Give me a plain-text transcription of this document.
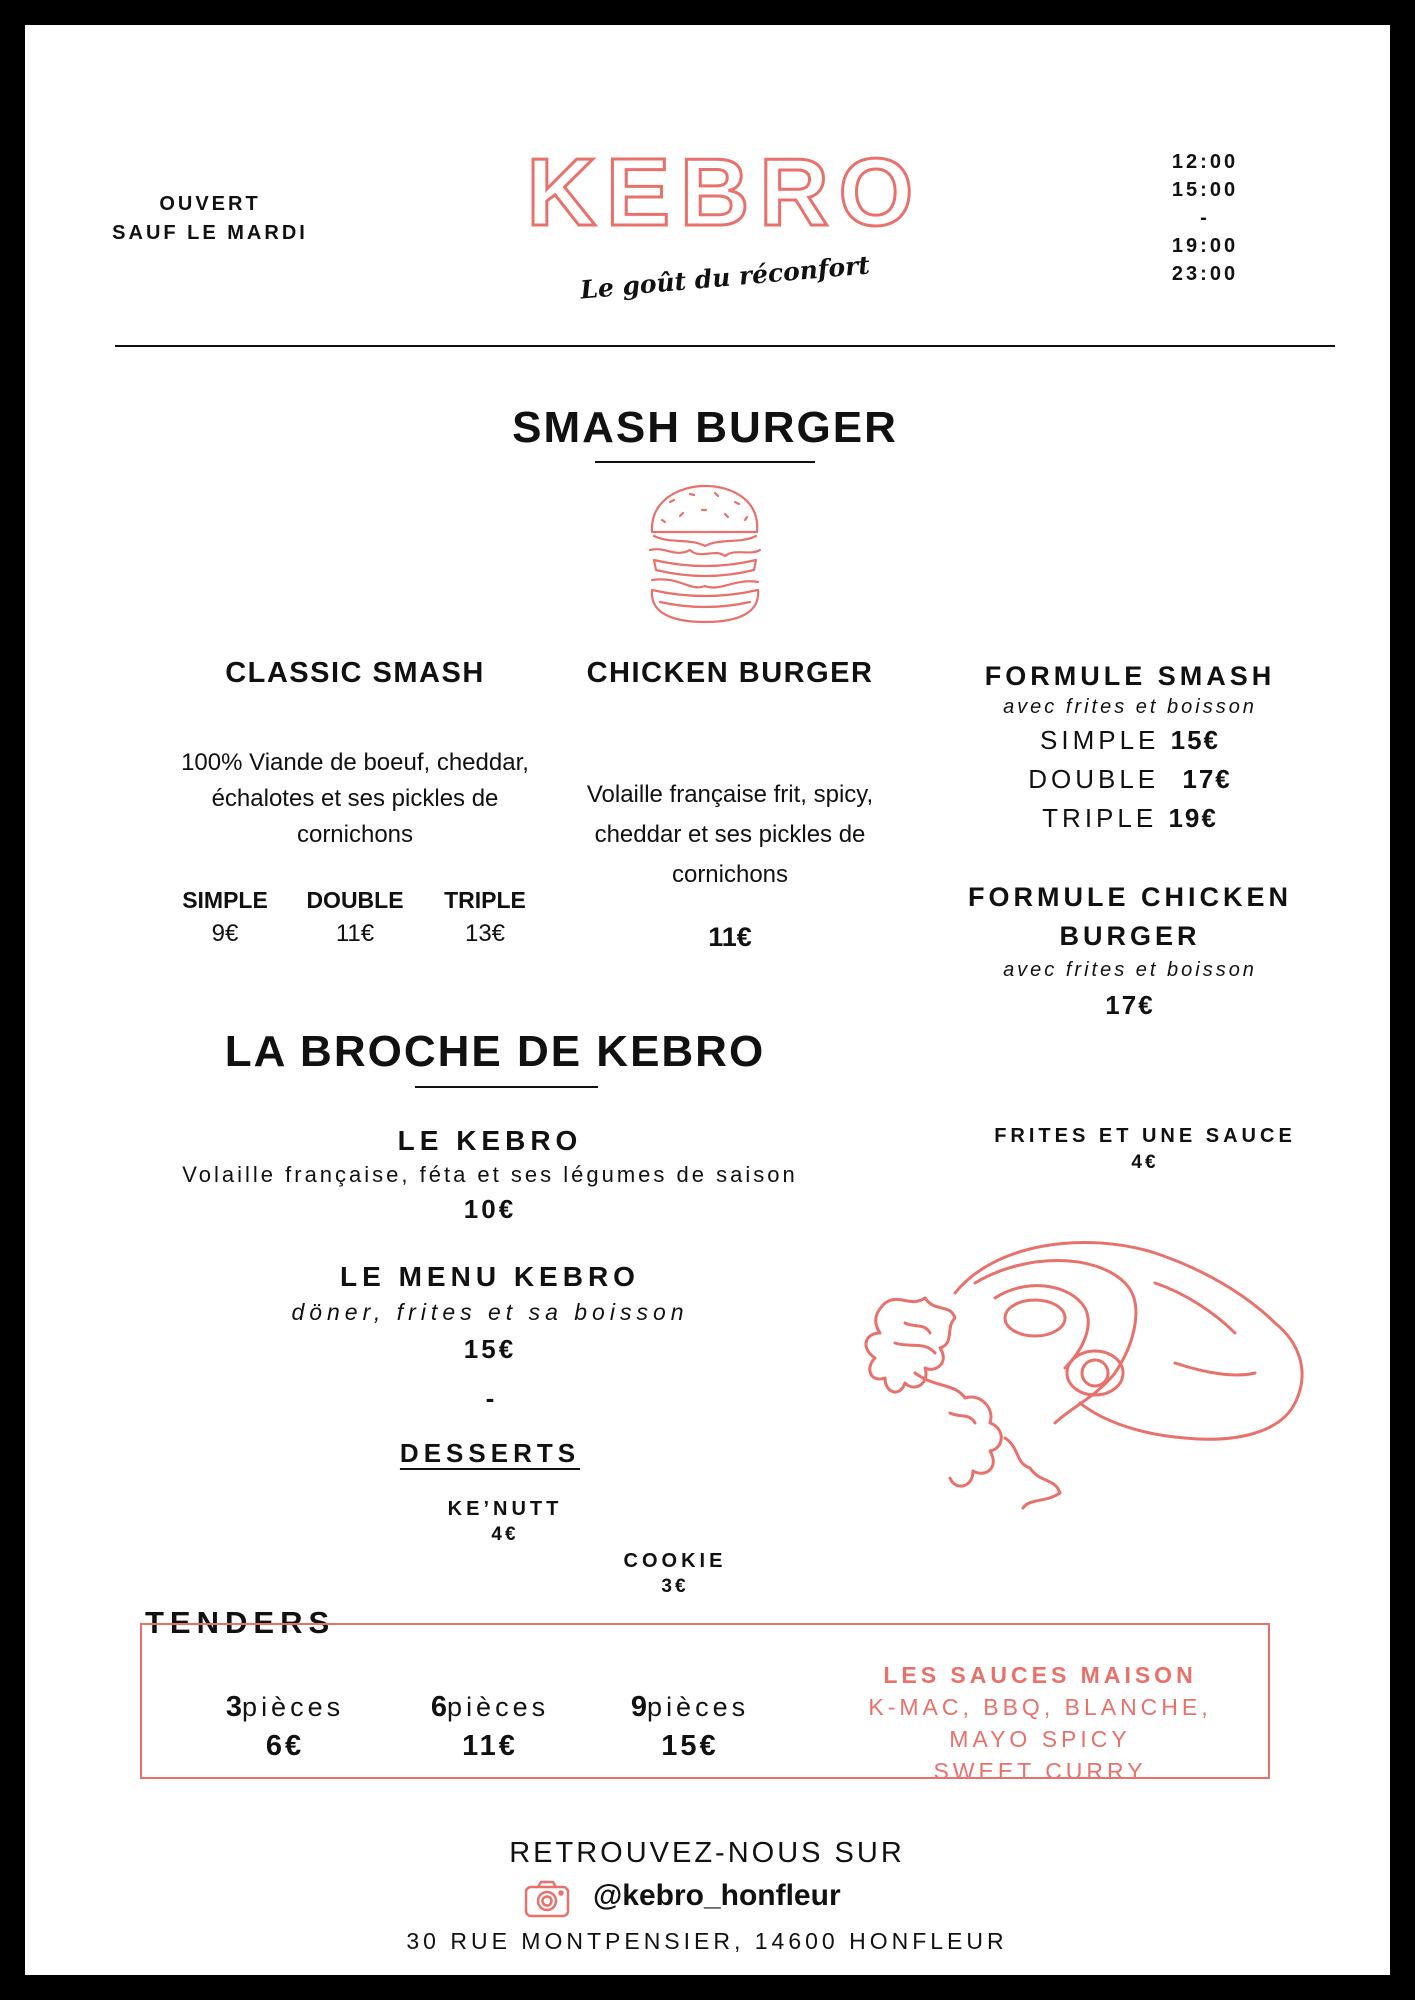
OUVERT
SAUF LE MARDI KEBRO
Le goût du réconfort
12:00
15:00
-
19:00
23:00
SMASH BURGER
CLASSIC SMASH
100% Viande de boeuf, cheddar,
échalotes et ses pickles de
cornichons
SIMPLE
9€
DOUBLE
11€
TRIPLE
13€
CHICKEN BURGER
Volaille française frit, spicy,
cheddar et ses pickles de
cornichons
11€
FORMULE SMASH
avec frites et boisson
SIMPLE 15€
DOUBLE 17€
TRIPLE 19€
FORMULE CHICKEN
BURGER
avec frites et boisson
17€
LA BROCHE DE KEBRO
LE KEBRO
Volaille française, féta et ses légumes de saison
10€
LE MENU KEBRO
döner, frites et sa boisson
15€
-
FRITES ET UNE SAUCE
4€
DESSERTS
KE’NUTT
4€
COOKIE
3€
TENDERS
3pièces
6€
6pièces
11€
9pièces
15€
LES SAUCES MAISON
K-MAC, BBQ, BLANCHE,
MAYO SPICY
SWEET CURRY
RETROUVEZ-NOUS SUR
@kebro_honfleur
30 RUE MONTPENSIER, 14600 HONFLEUR
